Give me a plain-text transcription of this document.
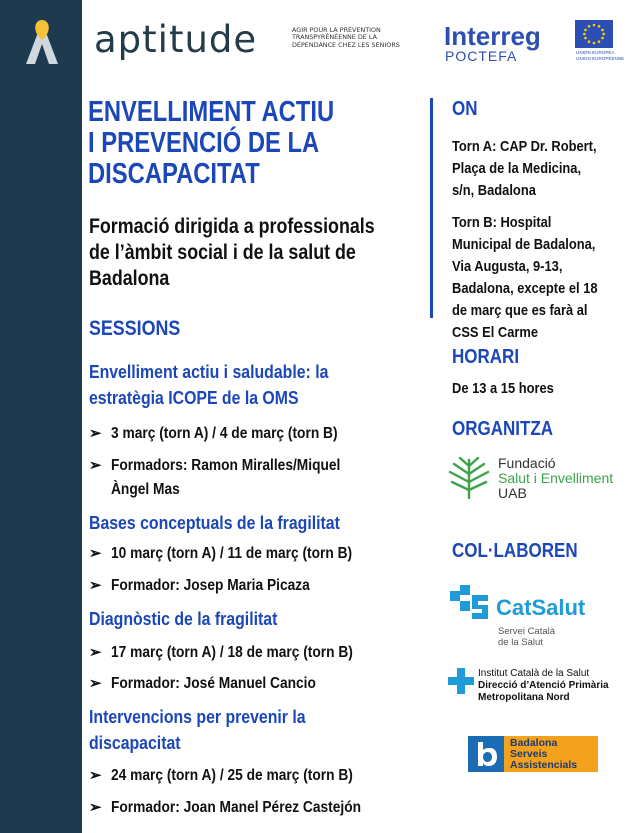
aptitude	AGIR POUR LA PRÉVENTION
TRANSPYRÉNÉENNE DE LA
DÉPENDANCE CHEZ LES SENIORS Interreg
POCTEFA	UNIÓN EUROPEA
UNION EUROPÉENNE
ENVELLIMENT ACTIU
I PREVENCIÓ DE LA
DISCAPACITAT
Formació dirigida a professionals
de l’àmbit social i de la salut de
Badalona
SESSIONS
Envelliment actiu i saludable: la
estratègia ICOPE de la OMS
➢ 3 març (torn A) / 4 de març (torn B)
➢ Formadors: Ramon Miralles/Miquel
Àngel Mas
Bases conceptuals de la fragilitat
➢ 10 març (torn A) / 11 de març (torn B)
➢ Formador: Josep Maria Picaza
Diagnòstic de la fragilitat
➢ 17 març (torn A) / 18 de març (torn B)
➢ Formador: José Manuel Cancio
Intervencions per prevenir la
discapacitat
➢ 24 març (torn A) / 25 de març (torn B)
➢ Formador: Joan Manel Pérez Castejón
ON
Torn A: CAP Dr. Robert,
Plaça de la Medicina,
s/n, Badalona
Torn B: Hospital
Municipal de Badalona,
Via Augusta, 9-13,
Badalona, excepte el 18
de març que es farà al
CSS El Carme
HORARI
De 13 a 15 hores
ORGANITZA
Fundació
Salut i Envelliment
UAB
COL·LABOREN
CatSalut
Servei Català
de la Salut
Institut Català de la Salut
Direcció d’Atenció Primària
Metropolitana Nord
Badalona
Serveis
Assistencials
